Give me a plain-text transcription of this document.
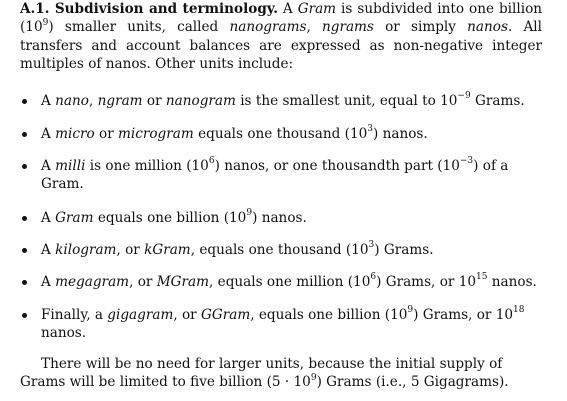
A.1. Subdivision and terminology. A Gram is subdivided into one billion $(10^9)$ smaller units, called nanograms, ngrams or simply nanos. All transfers and account balances are expressed as non-negative integer multiples of nanos. Other units include:

A nano, ngram or nanogram is the smallest unit, equal to $10^{-9}$ Grams.
A micro or microgram equals one thousand $(10^3)$ nanos.
A milli is one million $(10^6)$ nanos, or one thousandth part $(10^{-3})$ of a Gram.
A Gram equals one billion $(10^9)$ nanos.
A kilogram, or kGram, equals one thousand $(10^3)$ Grams.
A megagram, or MGram, equals one million $(10^6)$ Grams, or $10^{15}$ nanos.
Finally, a gigagram, or GGram, equals one billion $(10^9)$ Grams, or $10^{18}$ nanos.

There will be no need for larger units, because the initial supply of Grams will be limited to five billion $(5 \cdot 10^9)$ Grams (i.e., 5 Gigagrams).
